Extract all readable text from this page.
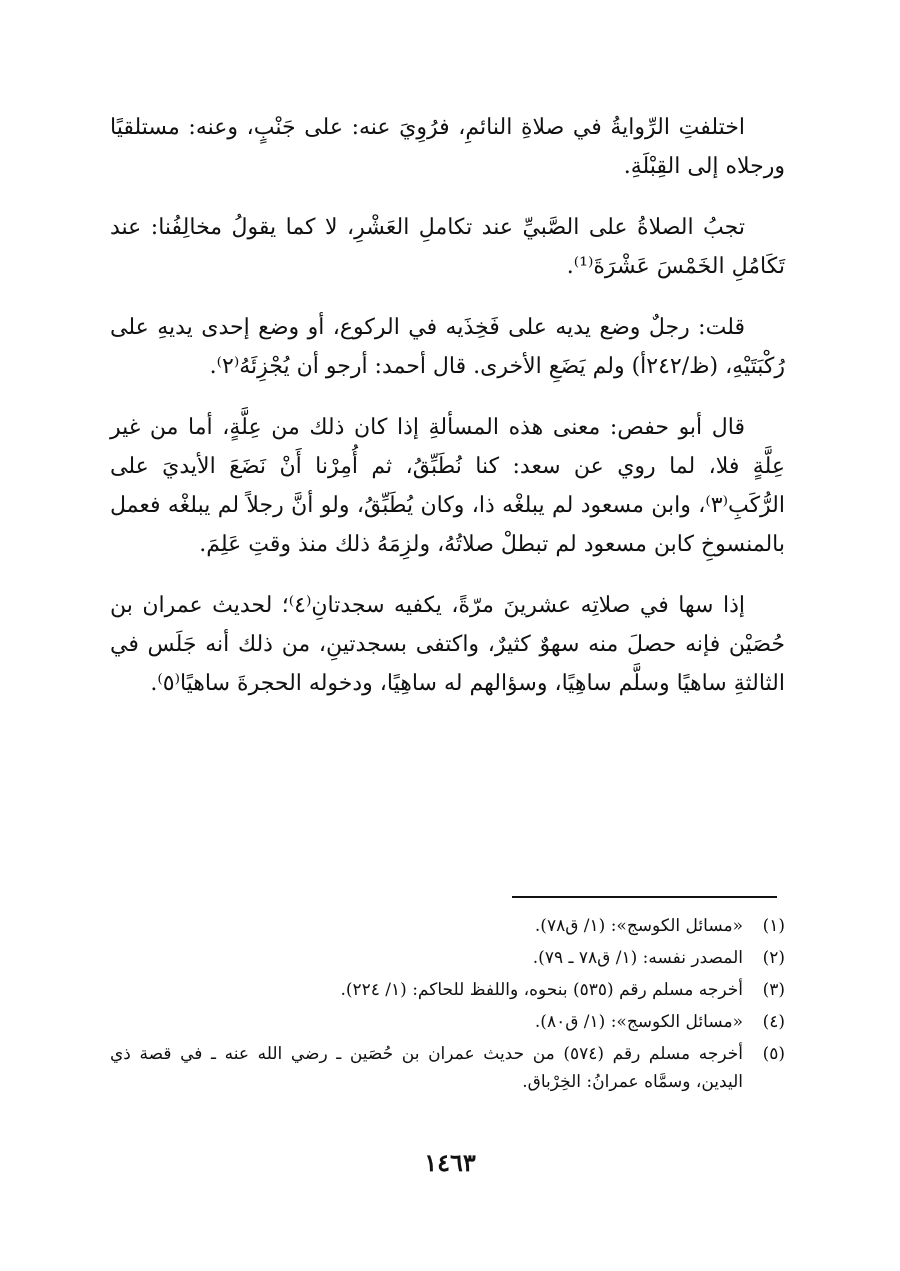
اختلفتِ الرِّوايةُ في صلاةِ النائمِ، فرُوِيَ عنه: على جَنْبٍ، وعنه: مستلقيًا ورجلاه إلى القِبْلَةِ.

تجبُ الصلاةُ على الصَّبيِّ عند تكاملِ العَشْرِ، لا كما يقولُ مخالِفُنا: عند تَكَامُلِ الخَمْسَ عَشْرَةَ⁽¹⁾.

قلت: رجلٌ وضع يديه على فَخِذَيه في الركوع، أو وضع إحدى يديهِ على رُكْبَتَيْهِ، (ظ/٢٤٢أ) ولم يَضَعِ الأخرى. قال أحمد: أرجو أن يُجْزِئَهُ⁽٢⁾.

قال أبو حفص: معنى هذه المسألةِ إذا كان ذلك من عِلَّةٍ، أما من غير عِلَّةٍ فلا، لما روي عن سعد: كنا نُطَبِّقُ، ثم أُمِرْنا أَنْ نَضَعَ الأيديَ على الرُّكَبِ⁽٣⁾، وابن مسعود لم يبلغْه ذا، وكان يُطَبِّقُ، ولو أنَّ رجلاً لم يبلغْه فعمل بالمنسوخِ كابن مسعود لم تبطلْ صلاتُهُ، ولزِمَهُ ذلك منذ وقتِ عَلِمَ.

إذا سها في صلاتِه عشرينَ مرّةً، يكفيه سجدتانِ⁽٤⁾؛ لحديث عمران بن حُصَيْن فإنه حصلَ منه سهوٌ كثيرٌ، واكتفى بسجدتينِ، من ذلك أنه جَلَس في الثالثةِ ساهيًا وسلَّم ساهِيًا، وسؤالهم له ساهِيًا، ودخوله الحجرةَ ساهيًا⁽٥⁾.

(١)
«مسائل الكوسج»: (١/ ق٧٨).
(٢)
المصدر نفسه: (١/ ق٧٨ ـ ٧٩).
(٣)
أخرجه مسلم رقم (٥٣٥) بنحوه، واللفظ للحاكم: (١/ ٢٢٤).
(٤)
«مسائل الكوسج»: (١/ ق٨٠).
(٥)
أخرجه مسلم رقم (٥٧٤) من حديث عمران بن حُصَين ـ رضي الله عنه ـ في قصة ذي اليدين، وسمَّاه عمرانُ: الخِرْباق.
١٤٦٣
